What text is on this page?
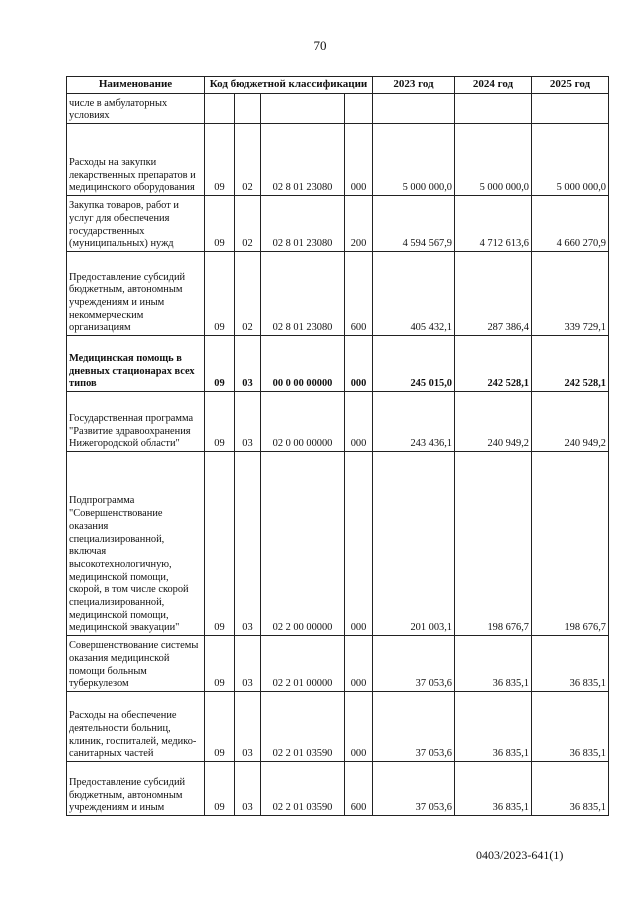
70
Наименование	Код бюджетной классификации				2023 год	2024 год	2025 год
числе в амбулаторных условиях							
Расходы на закупки лекарственных препаратов и медицинского оборудования	09	02	02 8 01 23080	000	5 000 000,0	5 000 000,0	5 000 000,0
Закупка товаров, работ и услуг для обеспечения государственных (муниципальных) нужд	09	02	02 8 01 23080	200	4 594 567,9	4 712 613,6	4 660 270,9
Предоставление субсидий бюджетным, автономным учреждениям и иным некоммерческим организациям	09	02	02 8 01 23080	600	405 432,1	287 386,4	339 729,1
Медицинская помощь в дневных стационарах всех типов	09	03	00 0 00 00000	000	245 015,0	242 528,1	242 528,1
Государственная программа "Развитие здравоохранения Нижегородской области"	09	03	02 0 00 00000	000	243 436,1	240 949,2	240 949,2
Подпрограмма "Совершенствование оказания специализированной, включая высокотехнологичную, медицинской помощи, скорой, в том числе скорой специализированной, медицинской помощи, медицинской эвакуации"	09	03	02 2 00 00000	000	201 003,1	198 676,7	198 676,7
Совершенствование системы оказания медицинской помощи больным туберкулезом	09	03	02 2 01 00000	000	37 053,6	36 835,1	36 835,1
Расходы на обеспечение деятельности больниц, клиник, госпиталей, медико-санитарных частей	09	03	02 2 01 03590	000	37 053,6	36 835,1	36 835,1
Предоставление субсидий бюджетным, автономным учреждениям и иным	09	03	02 2 01 03590	600	37 053,6	36 835,1	36 835,1
0403/2023-641(1)
